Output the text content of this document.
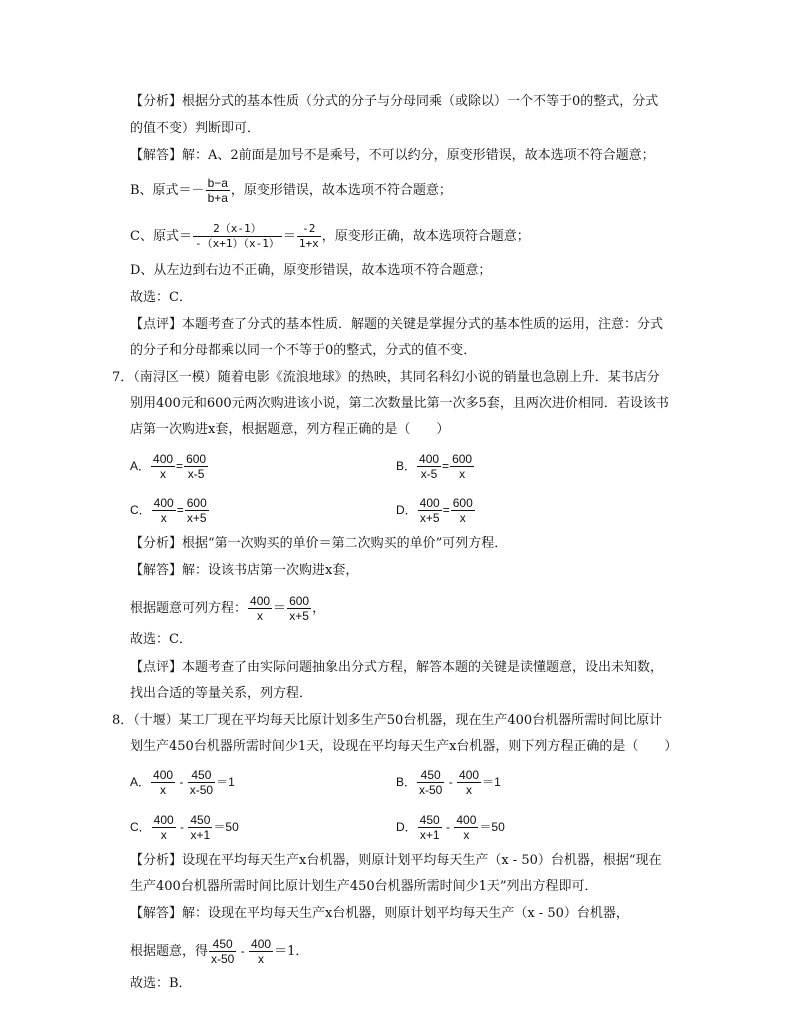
【分析】根据分式的基本性质（分式的分子与分母同乘（或除以）一个不等于0的整式，分式
的值不变）判断即可．
【解答】解：A、2前面是加号不是乘号，不可以约分，原变形错误，故本选项不符合题意；
B、原式＝－ $\frac{b-a}{b+a}$ ，原变形错误，故本选项不符合题意；
C、原式＝ $\frac{2(x-1)}{-(x+1)(x-1)} = \frac{-2}{1+x}$ ，原变形正确，故本选项符合题意；
D、从左边到右边不正确，原变形错误，故本选项不符合题意；
故选：C．
【点评】本题考查了分式的基本性质．解题的关键是掌握分式的基本性质的运用，注意：分式
的分子和分母都乘以同一个不等于0的整式，分式的值不变．
7．（南浔区一模）随着电影《流浪地球》的热映，其同名科幻小说的销量也急剧上升．某书店分
别用400元和600元两次购进该小说，第二次数量比第一次多5套，且两次进价相同．若设该书
店第一次购进x套，根据题意，列方程正确的是（　　）
A． $\frac{400}{x} = \frac{600}{x-5}$	B． $\frac{400}{x-5} = \frac{600}{x}$
C． $\frac{400}{x} = \frac{600}{x+5}$	D． $\frac{400}{x+5} = \frac{600}{x}$
【分析】根据“第一次购买的单价＝第二次购买的单价”可列方程．
【解答】解：设该书店第一次购进x套，
根据题意可列方程： $\frac{400}{x} = \frac{600}{x+5}$ ，
故选：C．
【点评】本题考查了由实际问题抽象出分式方程，解答本题的关键是读懂题意，设出未知数，
找出合适的等量关系，列方程．
8．（十堰）某工厂现在平均每天比原计划多生产50台机器，现在生产400台机器所需时间比原计
划生产450台机器所需时间少1天，设现在平均每天生产x台机器，则下列方程正确的是（　　）
A． $\frac{400}{x} - \frac{450}{x-50} =1$	B． $\frac{450}{x-50} - \frac{400}{x} =1$
C． $\frac{400}{x} - \frac{450}{x+1} =50$	D． $\frac{450}{x+1} - \frac{400}{x} =50$
【分析】设现在平均每天生产x台机器，则原计划平均每天生产（x - 50）台机器，根据“现在
生产400台机器所需时间比原计划生产450台机器所需时间少1天”列出方程即可．
【解答】解：设现在平均每天生产x台机器，则原计划平均每天生产（x - 50）台机器，
根据题意，得 $\frac{450}{x-50} - \frac{400}{x} =1$．
故选：B．
